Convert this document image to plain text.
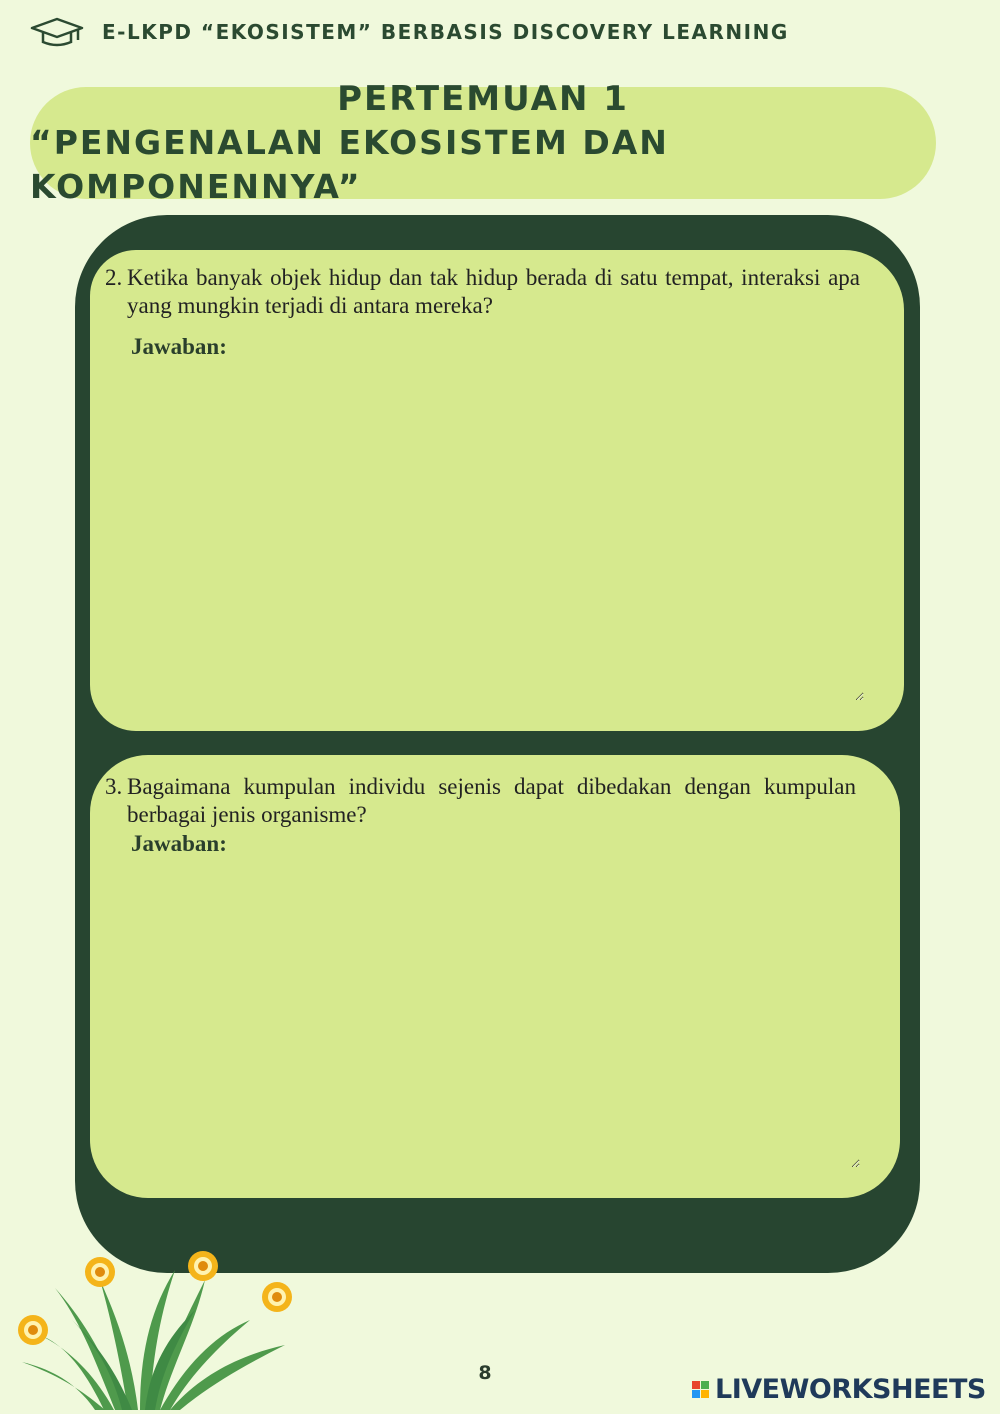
E-LKPD “EKOSISTEM” BERBASIS DISCOVERY LEARNING
PERTEMUAN 1
“PENGENALAN EKOSISTEM DAN KOMPONENNYA”
2. Ketika banyak objek hidup dan tak hidup berada di satu tempat, interaksi apa yang mungkin terjadi di antara mereka?
Jawaban:
3. Bagaimana kumpulan individu sejenis dapat dibedakan dengan kumpulan berbagai jenis organisme?
Jawaban:
8
LIVEWORKSHEETS
